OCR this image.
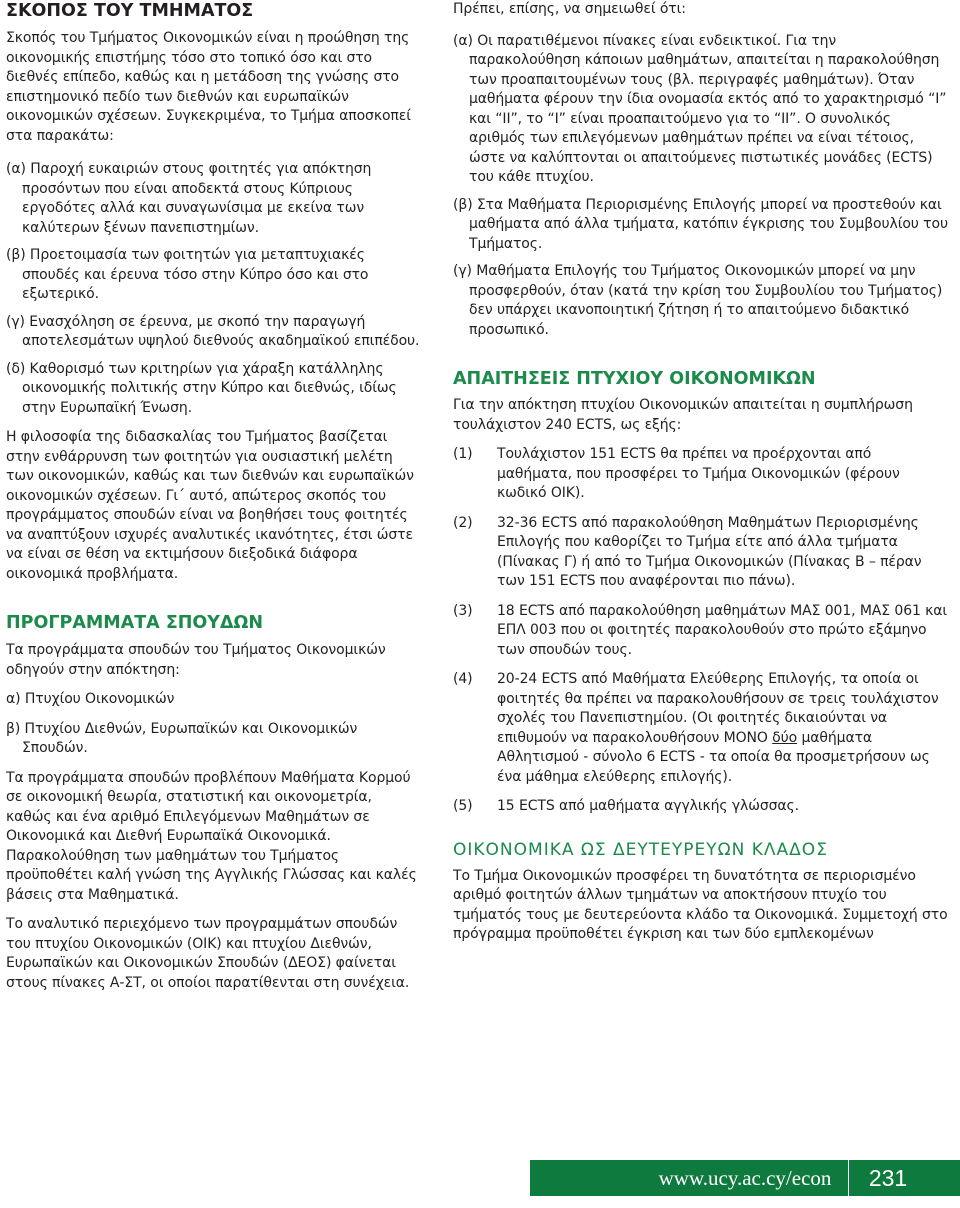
ΣΚΟΠΟΣ ΤΟΥ ΤΜΗΜΑΤΟΣ

Σκοπός του Τμήματος Οικονομικών είναι η προώθηση της οικονομικής επιστήμης τόσο στο τοπικό όσο και στο διεθνές επίπεδο, καθώς και η μετάδοση της γνώσης στο επιστημονικό πεδίο των διεθνών και ευρωπαϊκών οικονομικών σχέσεων. Συγκεκριμένα, το Τμήμα αποσκοπεί στα παρακάτω:

(α) Παροχή ευκαιριών στους φοιτητές για απόκτηση προσόντων που είναι αποδεκτά στους Κύπριους εργοδότες αλλά και συναγωνίσιμα με εκείνα των καλύτερων ξένων πανεπιστημίων.

(β) Προετοιμασία των φοιτητών για μεταπτυχιακές σπουδές και έρευνα τόσο στην Κύπρο όσο και στο εξωτερικό.

(γ) Ενασχόληση σε έρευνα, με σκοπό την παραγωγή αποτελεσμάτων υψηλού διεθνούς ακαδημαϊκού επιπέδου.

(δ) Καθορισμό των κριτηρίων για χάραξη κατάλληλης οικονομικής πολιτικής στην Κύπρο και διεθνώς, ιδίως στην Ευρωπαϊκή Ένωση.

Η φιλοσοφία της διδασκαλίας του Τμήματος βασίζεται στην ενθάρρυνση των φοιτητών για ουσιαστική μελέτη των οικονομικών, καθώς και των διεθνών και ευρωπαϊκών οικονομικών σχέσεων. Γι΄ αυτό, απώτερος σκοπός του προγράμματος σπουδών είναι να βοηθήσει τους φοιτητές να αναπτύξουν ισχυρές αναλυτικές ικανότητες, έτσι ώστε να είναι σε θέση να εκτιμήσουν διεξοδικά διάφορα οικονομικά προβλήματα.

ΠΡΟΓΡΑΜΜΑΤΑ ΣΠΟΥΔΩΝ

Τα προγράμματα σπουδών του Τμήματος Οικονομικών οδηγούν στην απόκτηση:

α) Πτυχίου Οικονομικών

β) Πτυχίου Διεθνών, Ευρωπαϊκών και Οικονομικών Σπουδών.

Τα προγράμματα σπουδών προβλέπουν Μαθήματα Κορμού σε οικονομική θεωρία, στατιστική και οικονομετρία, καθώς και ένα αριθμό Επιλεγόμενων Μαθημάτων σε Οικονομικά και Διεθνή Ευρωπαϊκά Οικονομικά. Παρακολούθηση των μαθημάτων του Τμήματος προϋποθέτει καλή γνώση της Αγγλικής Γλώσσας και καλές βάσεις στα Μαθηματικά.

Το αναλυτικό περιεχόμενο των προγραμμάτων σπουδών του πτυχίου Οικονομικών (ΟΙΚ) και πτυχίου Διεθνών, Ευρωπαϊκών και Οικονομικών Σπουδών (ΔΕΟΣ) φαίνεται στους πίνακες Α-ΣΤ, οι οποίοι παρατίθενται στη συνέχεια.

Πρέπει, επίσης, να σημειωθεί ότι:

(α) Οι παρατιθέμενοι πίνακες είναι ενδεικτικοί. Για την παρακολούθηση κάποιων μαθημάτων, απαιτείται η παρακολούθηση των προαπαιτουμένων τους (βλ. περιγραφές μαθημάτων). Όταν μαθήματα φέρουν την ίδια ονομασία εκτός από το χαρακτηρισμό “Ι” και “ΙΙ”, το “Ι” είναι προαπαιτούμενο για το “ΙΙ”. Ο συνολικός αριθμός των επιλεγόμενων μαθημάτων πρέπει να είναι τέτοιος, ώστε να καλύπτονται οι απαιτούμενες πιστωτικές μονάδες (ECTS) του κάθε πτυχίου.

(β) Στα Μαθήματα Περιορισμένης Επιλογής μπορεί να προστεθούν και μαθήματα από άλλα τμήματα, κατόπιν έγκρισης του Συμβουλίου του Τμήματος.

(γ) Μαθήματα Επιλογής του Τμήματος Οικονομικών μπορεί να μην προσφερθούν, όταν (κατά την κρίση του Συμβουλίου του Τμήματος) δεν υπάρχει ικανοποιητική ζήτηση ή το απαιτούμενο διδακτικό προσωπικό.

ΑΠΑΙΤΗΣΕΙΣ ΠΤΥΧΙΟΥ ΟΙΚΟΝΟΜΙΚΩΝ

Για την απόκτηση πτυχίου Οικονομικών απαιτείται η συμπλήρωση τουλάχιστον 240 ECTS, ως εξής:

(1) Τουλάχιστον 151 ECTS θα πρέπει να προέρχονται από μαθήματα, που προσφέρει το Τμήμα Οικονομικών (φέρουν κωδικό ΟΙΚ).

(2) 32-36 ECTS από παρακολούθηση Μαθημάτων Περιορισμένης Επιλογής που καθορίζει το Τμήμα είτε από άλλα τμήματα (Πίνακας Γ) ή από το Τμήμα Οικονομικών (Πίνακας Β – πέραν των 151 ECTS που αναφέρονται πιο πάνω).

(3) 18 ECTS από παρακολούθηση μαθημάτων ΜΑΣ 001, ΜΑΣ 061 και ΕΠΛ 003 που οι φοιτητές παρακολουθούν στο πρώτο εξάμηνο των σπουδών τους.

(4) 20-24 ECTS από Μαθήματα Ελεύθερης Επιλογής, τα οποία οι φοιτητές θα πρέπει να παρακολουθήσουν σε τρεις τουλάχιστον σχολές του Πανεπιστημίου. (Οι φοιτητές δικαιούνται να επιθυμούν να παρακολουθήσουν ΜΟΝΟ δύο μαθήματα Αθλητισμού - σύνολο 6 ECTS - τα οποία θα προσμετρήσουν ως ένα μάθημα ελεύθερης επιλογής).

(5) 15 ECTS από μαθήματα αγγλικής γλώσσας.

ΟΙΚΟΝΟΜΙΚΑ ΩΣ ΔΕΥΤΕΥΡΕΥΩΝ ΚΛΑΔΟΣ

Το Τμήμα Οικονομικών προσφέρει τη δυνατότητα σε περιορισμένο αριθμό φοιτητών άλλων τμημάτων να αποκτήσουν πτυχίο του τμήματός τους με δευτερεύοντα κλάδο τα Οικονομικά. Συμμετοχή στο πρόγραμμα προϋποθέτει έγκριση και των δύο εμπλεκομένων

www.ucy.ac.cy/econ	231
